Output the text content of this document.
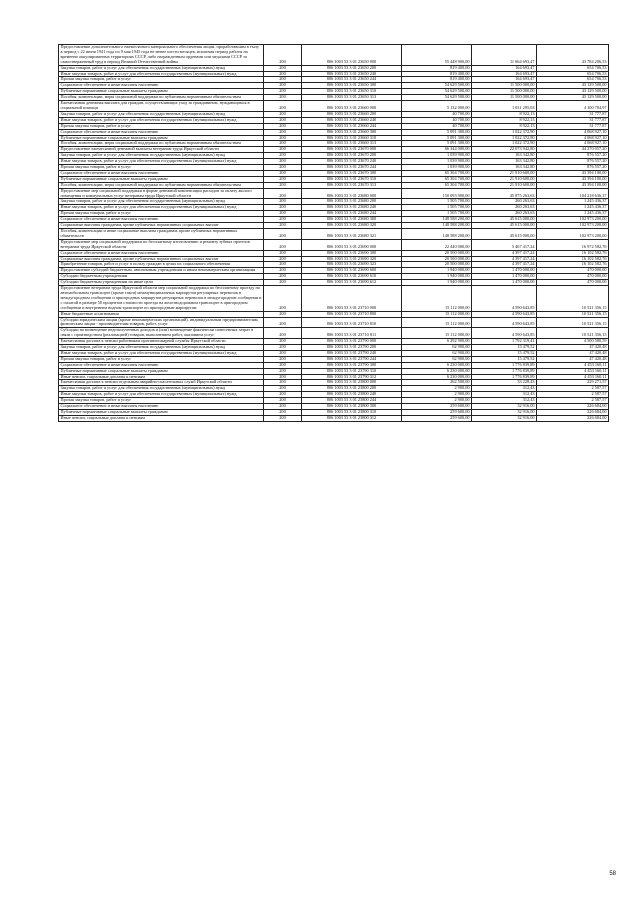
Предоставление дополнительного ежемесячного материального обеспечения лицам, проработавшим в тылу в период с 22 июня 1941 года по 9 мая 1945 года не менее шести месяцев, исключая период работы на временно оккупированных территориях СССР, либо награжденным орденами или медалями СССР за самоотверженный труд в период Великой Отечественной войны	200	806 1003 53 3 01 23650 000	55 448 900,00	11 664 693,47	43 784 206,53
Закупка товаров, работ и услуг для обеспечения государственных (муниципальных) нужд	200	806 1003 53 3 01 23650 200	819 400,00	164 693,47	654 706,53
Иные закупки товаров, работ и услуг для обеспечения государственных (муниципальных) нужд	200	806 1003 53 3 01 23650 240	819 400,00	164 693,47	654 706,53
Прочая закупка товаров, работ и услуг	200	806 1003 53 3 01 23650 244	819 400,00	164 693,47	654 706,53
Социальное обеспечение и иные выплаты населению	200	806 1003 53 3 01 23650 300	54 629 500,00	11 500 000,00	43 129 500,00
Публичные нормативные социальные выплаты гражданам	200	806 1003 53 3 01 23650 310	54 629 500,00	11 500 000,00	43 129 500,00
Пособия, компенсации, меры социальной поддержки по публичным нормативным обязательствам	200	806 1003 53 3 01 23650 313	54 629 500,00	11 500 000,00	43 129 500,00
Ежемесячная денежная выплата для граждан, осуществляющих уход за гражданином, нуждающимся в социальной помощи	200	806 1003 53 3 01 23660 000	5 132 000,00	1 031 295,03	4 100 704,97
Закупка товаров, работ и услуг для обеспечения государственных (муниципальных) нужд	200	806 1003 53 3 01 23660 200	40 700,00	8 922,13	31 777,87
Иные закупки товаров, работ и услуг для обеспечения государственных (муниципальных) нужд	200	806 1003 53 3 01 23660 240	40 700,00	8 922,13	31 777,87
Прочая закупка товаров, работ и услуг	200	806 1003 53 3 01 23660 244	40 700,00	8 922,13	31 777,87
Социальное обеспечение и иные выплаты населению	200	806 1003 53 3 01 23660 300	5 091 300,00	1 022 372,90	4 068 927,10
Публичные нормативные социальные выплаты гражданам	200	806 1003 53 3 01 23660 310	5 091 300,00	1 022 372,90	4 068 927,10
Пособия, компенсации, меры социальной поддержки по публичным нормативным обязательствам	200	806 1003 53 3 01 23660 313	5 091 300,00	1 022 372,90	4 068 927,10
Предоставление ежемесячной денежной выплаты ветеранам труда Иркутской области	200	806 1003 53 3 01 23670 000	66 344 000,00	22 073 942,80	44 270 057,20
Закупка товаров, работ и услуг для обеспечения государственных (муниципальных) нужд	200	806 1003 53 3 01 23670 200	1 039 900,00	163 342,80	876 557,20
Иные закупки товаров, работ и услуг для обеспечения государственных (муниципальных) нужд	200	806 1003 53 3 01 23670 240	1 039 900,00	163 342,80	876 557,20
Прочая закупка товаров, работ и услуг	200	806 1003 53 3 01 23670 244	1 039 900,00	163 342,80	876 557,20
Социальное обеспечение и иные выплаты населению	200	806 1003 53 3 01 23670 300	65 304 700,00	21 910 600,00	43 394 100,00
Публичные нормативные социальные выплаты гражданам	200	806 1003 53 3 01 23670 310	65 304 700,00	21 910 600,00	43 394 100,00
Пособия, компенсации, меры социальной поддержки по публичным нормативным обязательствам	200	806 1003 53 3 01 23670 313	65 304 700,00	21 910 600,00	43 394 100,00
Предоставление мер социальной поддержки в форме денежной компенсации расходов за оплату жилого помещения и коммунальных услуг ветеранам труда Иркутской области	200	806 1003 53 3 01 23680 000	150 093 900,00	45 875 263,63	104 218 636,37
Закупка товаров, работ и услуг для обеспечения государственных (муниципальных) нужд	200	806 1003 53 3 01 23680 200	1 505 700,00	260 263,63	1 245 436,37
Иные закупки товаров, работ и услуг для обеспечения государственных (муниципальных) нужд	200	806 1003 53 3 01 23680 240	1 505 700,00	260 263,63	1 245 436,37
Прочая закупка товаров, работ и услуг	200	806 1003 53 3 01 23680 244	1 505 700,00	260 263,63	1 245 436,37
Социальное обеспечение и иные выплаты населению	200	806 1003 53 3 01 23680 300	148 588 200,00	45 615 000,00	102 973 200,00
Социальные выплаты гражданам, кроме публичных нормативных социальных выплат	200	806 1003 53 3 01 23680 320	148 588 200,00	45 615 000,00	102 973 200,00
Пособия, компенсации и иные социальные выплаты гражданам, кроме публичных нормативных обязательств	200	806 1003 53 3 01 23680 321	148 588 200,00	45 615 000,00	102 973 200,00
Предоставление мер социальной поддержки по бесплатному изготовлению и ремонту зубных протезов ветеранам труда Иркутской области	200	806 1003 53 3 01 23690 000	22 440 000,00	5 467 417,24	16 972 582,76
Социальное обеспечение и иные выплаты населению	200	806 1003 53 3 01 23690 300	20 500 000,00	4 397 417,24	16 102 582,76
Социальные выплаты гражданам, кроме публичных нормативных социальных выплат	200	806 1003 53 3 01 23690 320	20 500 000,00	4 397 417,24	16 102 582,76
Приобретение товаров, работ и услуг в пользу граждан в целях их социального обеспечения	200	806 1003 53 3 01 23690 323	20 500 000,00	4 397 417,24	16 102 582,76
Предоставление субсидий бюджетным, автономным учреждениям и иным некоммерческим организациям	200	806 1003 53 3 01 23690 600	1 940 000,00	1 470 000,00	470 000,00
Субсидии бюджетным учреждениям	200	806 1003 53 3 01 23690 610	1 940 000,00	1 470 000,00	470 000,00
Субсидии бюджетным учреждениям на иные цели	200	806 1003 53 3 01 23690 612	1 940 000,00	1 470 000,00	470 000,00
Предоставление ветеранам труда Иркутской области мер социальной поддержки по бесплатному проезду на автомобильном транспорте (кроме такси) межмуниципальных маршрутов регулярных перевозок в междугородном сообщении и пригородных маршрутов регулярных перевозок в междугородном сообщении и с оплатой в размере 50 процентов стоимости проезда на железнодорожном транспорте в пригородном сообщении и внутреннем водном транспорте по пригородным маршрутам	200	806 1003 53 3 01 23710 000	15 112 000,00	4 590 643,85	10 521 356,15
Иные бюджетные ассигнования	200	806 1003 53 3 01 23710 800	15 112 000,00	4 590 643,85	10 521 356,15
Субсидии юридическим лицам (кроме некоммерческих организаций), индивидуальным предпринимателям, физическим лицам - производителям товаров, работ, услуг	200	806 1003 53 3 01 23710 810	15 112 000,00	4 590 643,85	10 521 356,15
Субсидии на возмещение недополученных доходов и (или) возмещение фактически понесенных затрат в связи с производством (реализацией) товаров, выполнением работ, оказанием услуг	200	806 1003 53 3 01 23710 811	15 112 000,00	4 590 643,85	10 521 356,15
Ежемесячная доплата к пенсии работникам противопожарной службы Иркутской области	200	806 1003 53 3 01 23790 000	6 292 900,00	1 792 319,41	4 500 580,59
Закупка товаров, работ и услуг для обеспечения государственных (муниципальных) нужд	200	806 1003 53 3 01 23790 200	62 900,00	15 479,52	47 420,48
Иные закупки товаров, работ и услуг для обеспечения государственных (муниципальных) нужд	200	806 1003 53 3 01 23790 240	62 900,00	15 479,52	47 420,48
Прочая закупка товаров, работ и услуг	200	806 1003 53 3 01 23790 244	62 900,00	15 479,52	47 420,48
Социальное обеспечение и иные выплаты населению	200	806 1003 53 3 01 23790 300	6 230 000,00	1 776 839,89	4 453 160,11
Публичные нормативные социальные выплаты гражданам	200	806 1003 53 3 01 23790 310	6 230 000,00	1 776 839,89	4 453 160,11
Иные пенсии, социальные доплаты к пенсиям	200	806 1003 53 3 01 23790 312	6 230 000,00	1 776 839,89	4 453 160,11
Ежемесячная доплата к пенсии отдельным аварийно-спасательных служб Иркутской области	200	806 1003 53 3 01 23800 000	262 500,00	33 228,43	229 271,57
Закупка товаров, работ и услуг для обеспечения государственных (муниципальных) нужд	200	806 1003 53 3 01 23800 200	2 900,00	312,43	2 587,57
Иные закупки товаров, работ и услуг для обеспечения государственных (муниципальных) нужд	200	806 1003 53 3 01 23800 240	2 900,00	312,43	2 587,57
Прочая закупка товаров, работ и услуг	200	806 1003 53 3 01 23800 244	2 900,00	312,43	2 587,57
Социальное обеспечение и иные выплаты населению	200	806 1003 53 3 01 23800 300	259 600,00	32 916,00	226 684,00
Публичные нормативные социальные выплаты гражданам	200	806 1003 53 3 01 23800 310	259 600,00	32 916,00	226 684,00
Иные пенсии, социальные доплаты к пенсиям	200	806 1003 53 3 01 23800 312	259 600,00	32 916,00	226 684,00
58
